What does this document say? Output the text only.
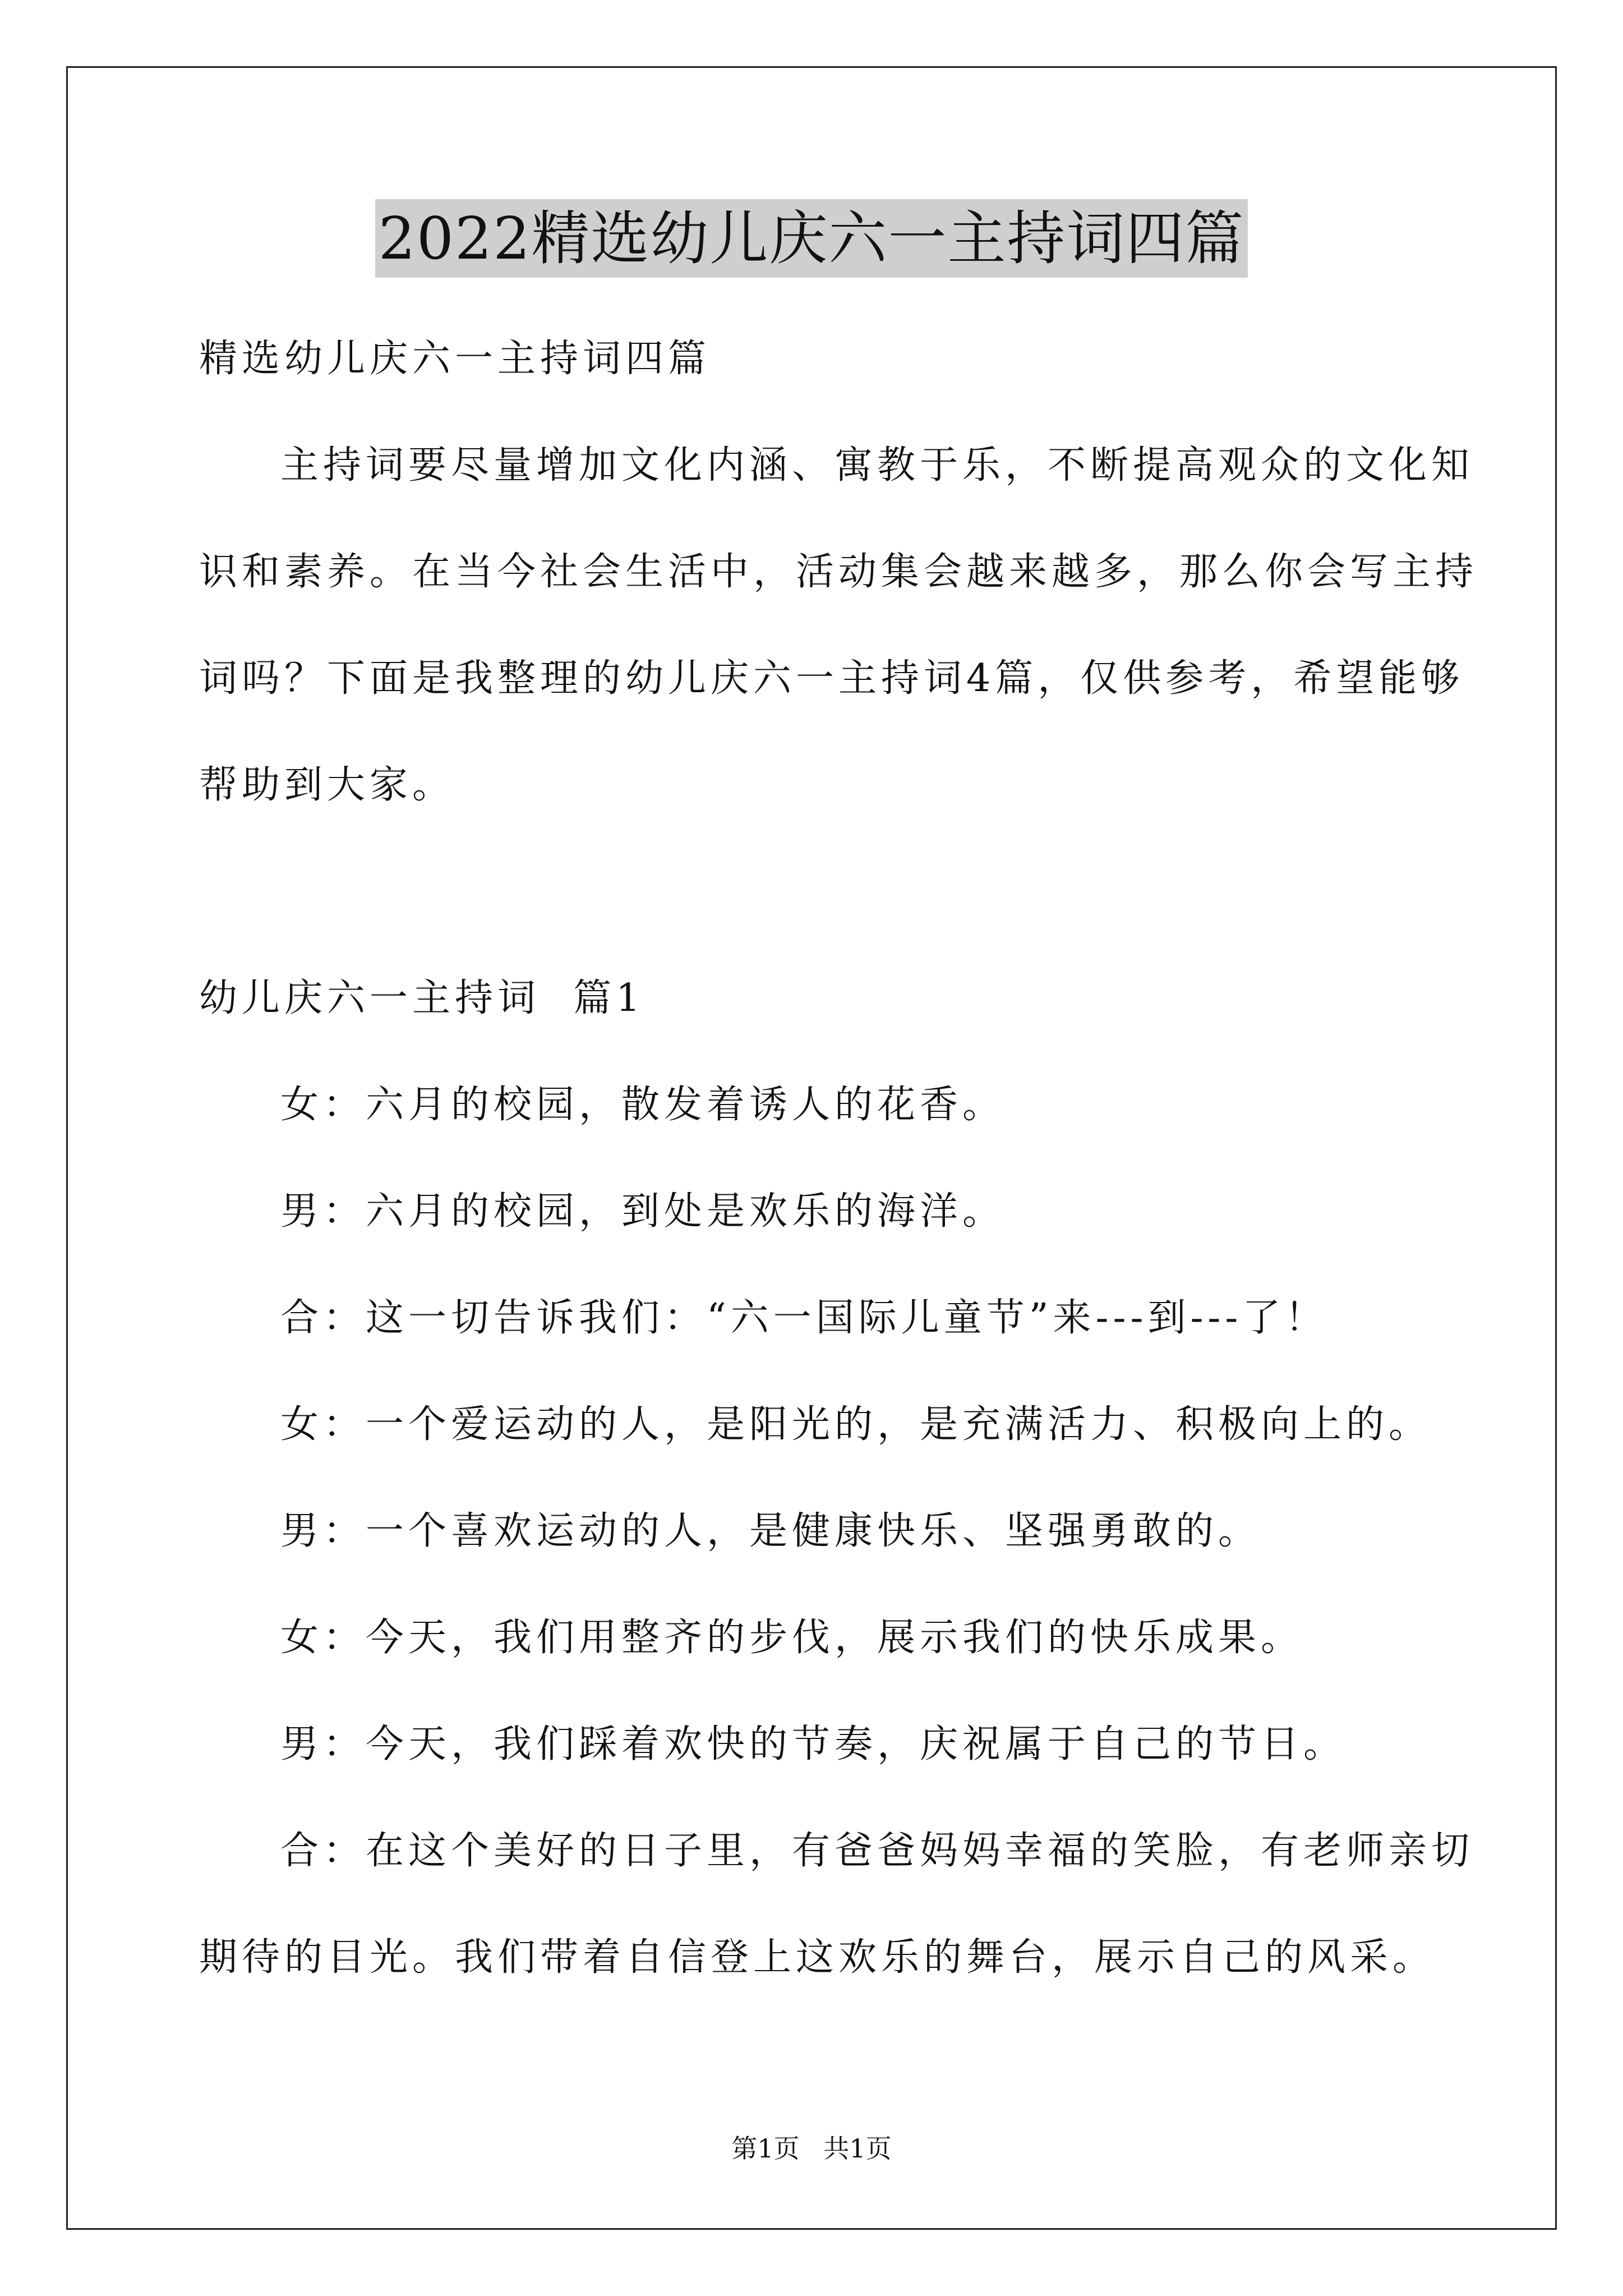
2022精选幼儿庆六一主持词四篇

精选幼儿庆六一主持词四篇

主持词要尽量增加文化内涵、寓教于乐，不断提高观众的文化知

识和素养。在当今社会生活中，活动集会越来越多，那么你会写主持

词吗？下面是我整理的幼儿庆六一主持词4篇，仅供参考，希望能够

帮助到大家。

幼儿庆六一主持词  篇1

女：六月的校园，散发着诱人的花香。

男：六月的校园，到处是欢乐的海洋。

合：这一切告诉我们：“六一国际儿童节”来---到---了！

女：一个爱运动的人，是阳光的，是充满活力、积极向上的。

男：一个喜欢运动的人，是健康快乐、坚强勇敢的。

女：今天，我们用整齐的步伐，展示我们的快乐成果。

男：今天，我们踩着欢快的节奏，庆祝属于自己的节日。

合：在这个美好的日子里，有爸爸妈妈幸福的笑脸，有老师亲切

期待的目光。我们带着自信登上这欢乐的舞台，展示自己的风采。

第1页 共1页
